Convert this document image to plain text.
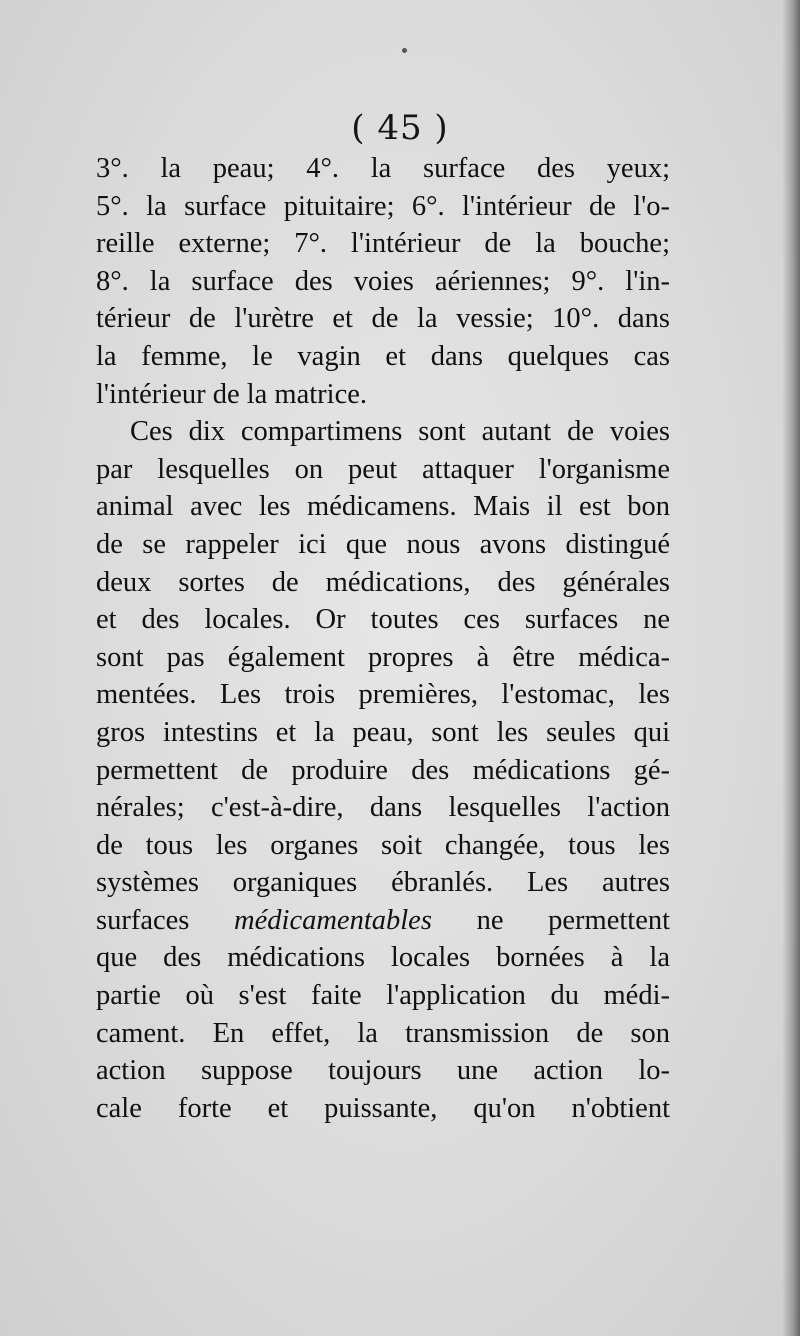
( 45 )
3°. la peau; 4°. la surface des yeux;
5°. la surface pituitaire; 6°. l'intérieur de l'o-
reille externe; 7°. l'intérieur de la bouche;
8°. la surface des voies aériennes; 9°. l'in-
térieur de l'urètre et de la vessie; 10°. dans
la femme, le vagin et dans quelques cas
l'intérieur de la matrice.
Ces dix compartimens sont autant de voies
par lesquelles on peut attaquer l'organisme
animal avec les médicamens. Mais il est bon
de se rappeler ici que nous avons distingué
deux sortes de médications, des générales
et des locales. Or toutes ces surfaces ne
sont pas également propres à être médica-
mentées. Les trois premières, l'estomac, les
gros intestins et la peau, sont les seules qui
permettent de produire des médications gé-
nérales; c'est-à-dire, dans lesquelles l'action
de tous les organes soit changée, tous les
systèmes organiques ébranlés. Les autres
surfaces médicamentables ne permettent
que des médications locales bornées à la
partie où s'est faite l'application du médi-
cament. En effet, la transmission de son
action suppose toujours une action lo-
cale forte et puissante, qu'on n'obtient
